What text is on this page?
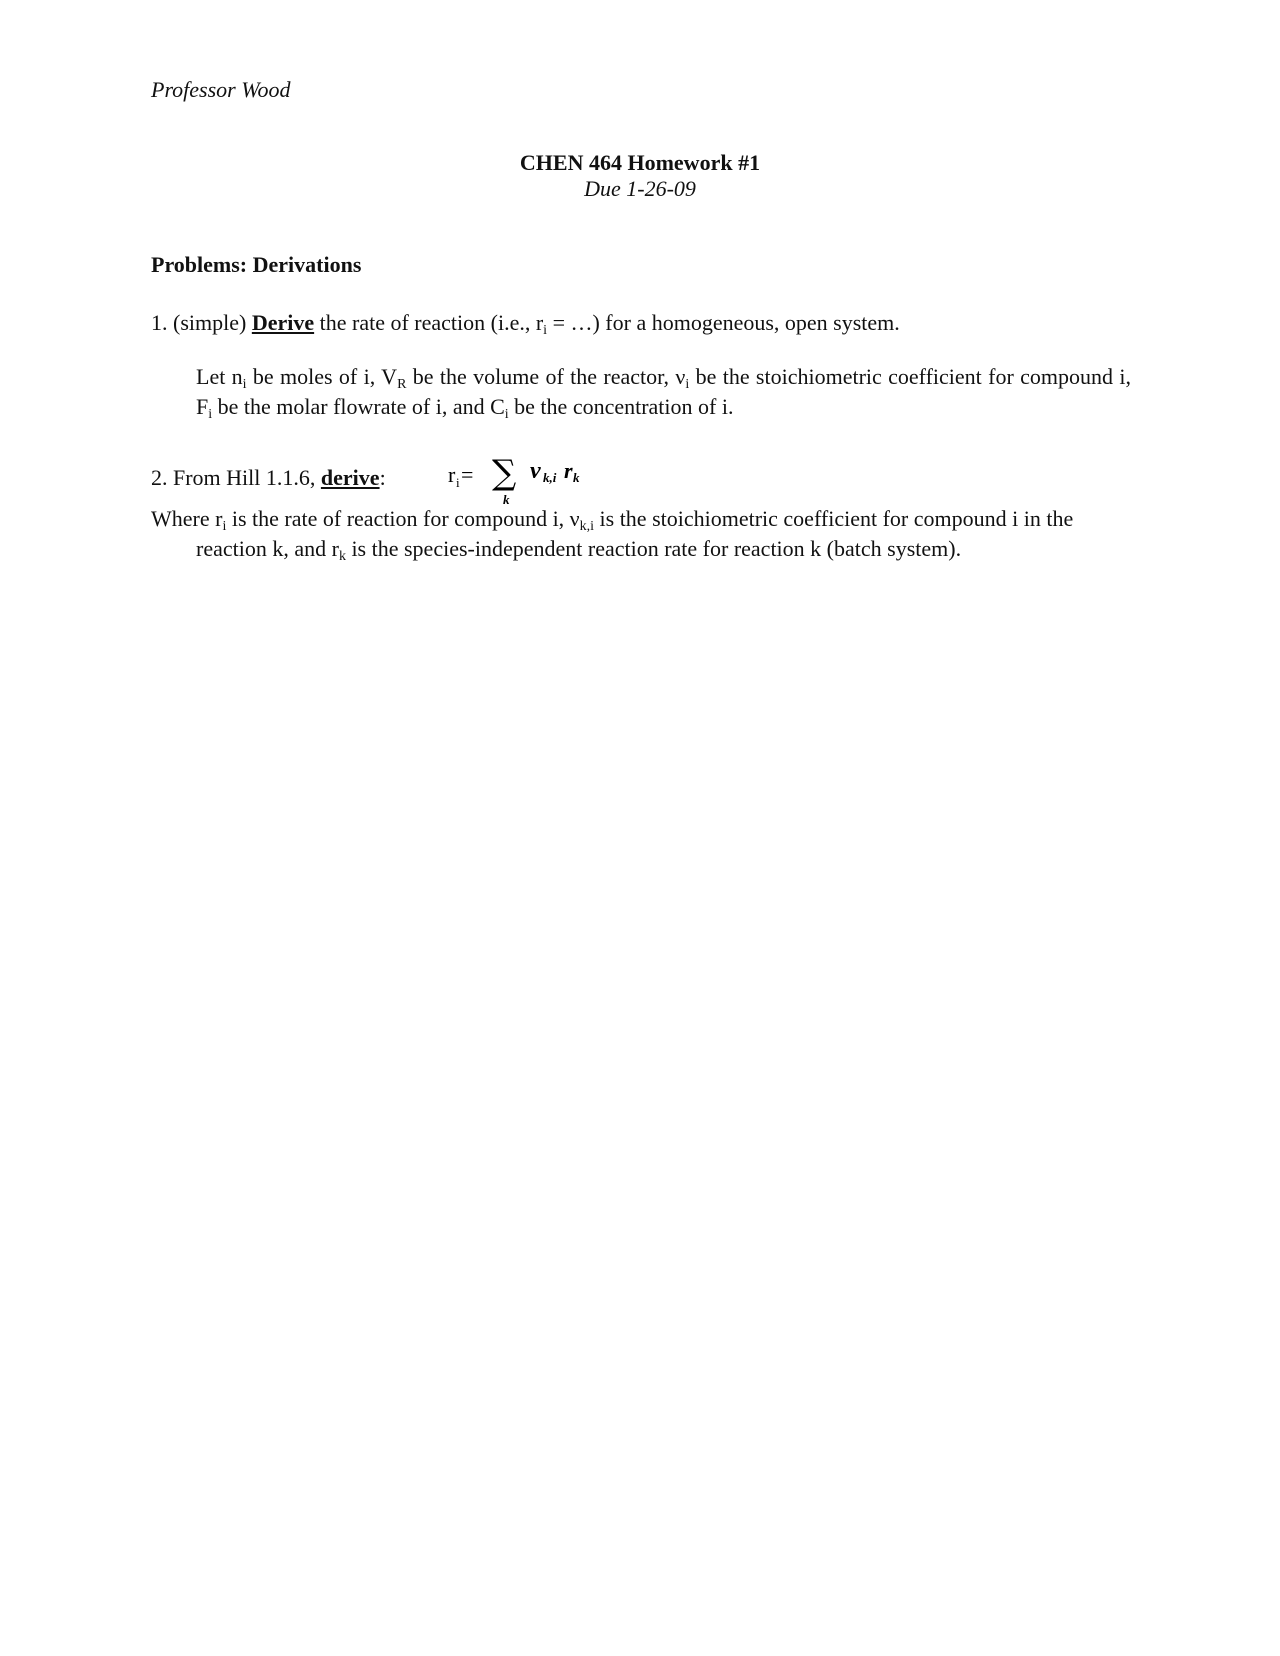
Professor Wood
CHEN 464 Homework #1
Due 1-26-09
Problems: Derivations
1. (simple) Derive the rate of reaction (i.e., $r_i$ = …) for a homogeneous, open system.
Let $n_i$ be moles of i, $V_R$ be the volume of the reactor, $\nu_i$ be the stoichiometric coefficient for compound i, $F_i$ be the molar flowrate of i, and $C_i$ be the concentration of i.
2. From Hill 1.1.6, derive:	r i = ∑
k
ν k,i r k
Where $r_i$ is the rate of reaction for compound i, $\nu_{k,i}$ is the stoichiometric coefficient for compound i in the
reaction k, and $r_k$ is the species-independent reaction rate for reaction k (batch system).
